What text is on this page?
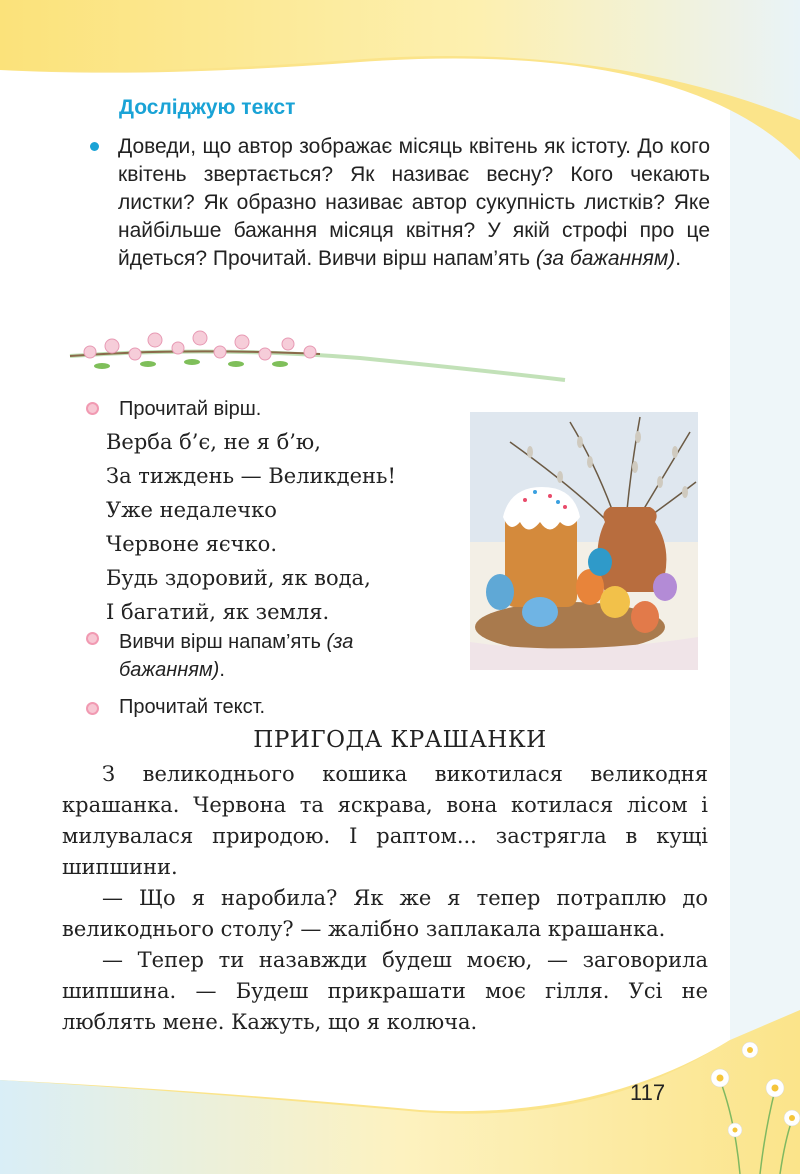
Досліджую текст
Доведи, що автор зображає місяць квітень як істоту. До кого квітень звертається? Як називає весну? Кого чекають листки? Як образно називає автор сукупність листків? Яке найбільше бажання місяця квітня? У якій строфі про це йдеться? Прочитай. Вивчи вірш напам’ять (за бажанням).
Прочитай вірш.
Верба б’є, не я б’ю,
За тиждень — Великдень!
Уже недалечко
Червоне яєчко.
Будь здоровий, як вода,
І багатий, як земля.
Вивчи вірш напам’ять (за
бажанням).
Прочитай текст.
ПРИГОДА КРАШАНКИ

З великоднього кошика викотилася великодня крашанка. Червона та яскрава, вона котилася лісом і милувалася природою. І раптом... застрягла в кущі шипшини.

— Що я наробила? Як же я тепер потраплю до великоднього столу? — жалібно заплакала крашанка.

— Тепер ти назавжди будеш моєю, — заговорила шипшина. — Будеш прикрашати моє гілля. Усі не люблять мене. Кажуть, що я колюча.

117
